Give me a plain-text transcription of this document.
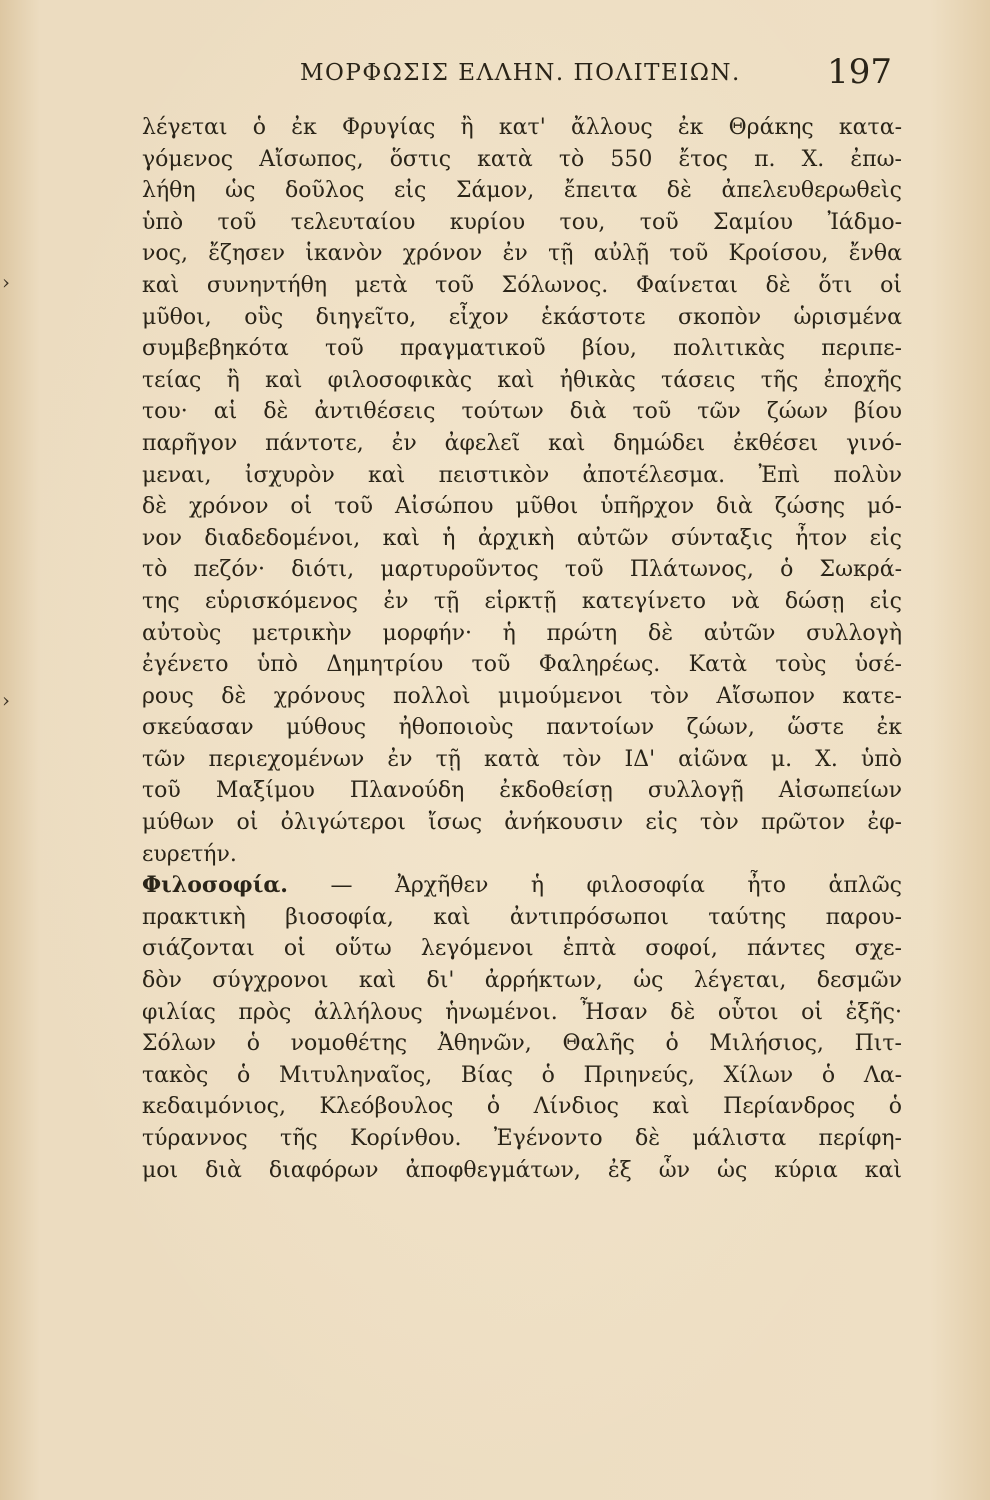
ΜΟΡΦΩΣΙΣ ΕΛΛΗΝ. ΠΟΛΙΤΕΙΩΝ.	197
›
›
λέγεται ὁ ἐκ Φρυγίας ἢ κατ' ἄλλους ἐκ Θράκης κατα-
γόμενος Αἴσωπος, ὅστις κατὰ τὸ 550 ἔτος π. Χ. ἐπω-
λήθη ὡς δοῦλος εἰς Σάμον, ἔπειτα δὲ ἀπελευθερωθεὶς
ὑπὸ τοῦ τελευταίου κυρίου του, τοῦ Σαμίου Ἰάδμο-
νος, ἔζησεν ἱκανὸν χρόνον ἐν τῇ αὐλῇ τοῦ Κροίσου, ἔνθα
καὶ συνηντήθη μετὰ τοῦ Σόλωνος. Φαίνεται δὲ ὅτι οἱ
μῦθοι, οὓς διηγεῖτο, εἶχον ἑκάστοτε σκοπὸν ὡρισμένα
συμβεβηκότα τοῦ πραγματικοῦ βίου, πολιτικὰς περιπε-
τείας ἢ καὶ φιλοσοφικὰς καὶ ἠθικὰς τάσεις τῆς ἐποχῆς
του· αἱ δὲ ἀντιθέσεις τούτων διὰ τοῦ τῶν ζώων βίου
παρῆγον πάντοτε, ἐν ἀφελεῖ καὶ δημώδει ἐκθέσει γινό-
μεναι, ἰσχυρὸν καὶ πειστικὸν ἀποτέλεσμα. Ἐπὶ πολὺν
δὲ χρόνον οἱ τοῦ Αἰσώπου μῦθοι ὑπῆρχον διὰ ζώσης μό-
νον διαδεδομένοι, καὶ ἡ ἀρχικὴ αὐτῶν σύνταξις ἦτον εἰς
τὸ πεζόν· διότι, μαρτυροῦντος τοῦ Πλάτωνος, ὁ Σωκρά-
της εὑρισκόμενος ἐν τῇ εἱρκτῇ κατεγίνετο νὰ δώσῃ εἰς
αὐτοὺς μετρικὴν μορφήν· ἡ πρώτη δὲ αὐτῶν συλλογὴ
ἐγένετο ὑπὸ Δημητρίου τοῦ Φαληρέως. Κατὰ τοὺς ὑσέ-
ρους δὲ χρόνους πολλοὶ μιμούμενοι τὸν Αἴσωπον κατε-
σκεύασαν μύθους ἠθοποιοὺς παντοίων ζώων, ὥστε ἐκ
τῶν περιεχομένων ἐν τῇ κατὰ τὸν ΙΔ' αἰῶνα μ. Χ. ὑπὸ
τοῦ Μαξίμου Πλανούδη ἐκδοθείσῃ συλλογῇ Αἰσωπείων
μύθων οἱ ὀλιγώτεροι ἴσως ἀνήκουσιν εἰς τὸν πρῶτον ἐφ-
ευρετήν.
Φιλοσοφία. — Ἀρχῆθεν ἡ φιλοσοφία ἦτο ἁπλῶς
πρακτικὴ βιοσοφία, καὶ ἀντιπρόσωποι ταύτης παρου-
σιάζονται οἱ οὕτω λεγόμενοι ἑπτὰ σοφοί, πάντες σχε-
δὸν σύγχρονοι καὶ δι' ἀρρήκτων, ὡς λέγεται, δεσμῶν
φιλίας πρὸς ἀλλήλους ἡνωμένοι. Ἦσαν δὲ οὗτοι οἱ ἑξῆς·
Σόλων ὁ νομοθέτης Ἀθηνῶν, Θαλῆς ὁ Μιλήσιος, Πιτ-
τακὸς ὁ Μιτυληναῖος, Βίας ὁ Πριηνεύς, Χίλων ὁ Λα-
κεδαιμόνιος, Κλεόβουλος ὁ Λίνδιος καὶ Περίανδρος ὁ
τύραννος τῆς Κορίνθου. Ἐγένοντο δὲ μάλιστα περίφη-
μοι διὰ διαφόρων ἀποφθεγμάτων, ἐξ ὧν ὡς κύρια καὶ
